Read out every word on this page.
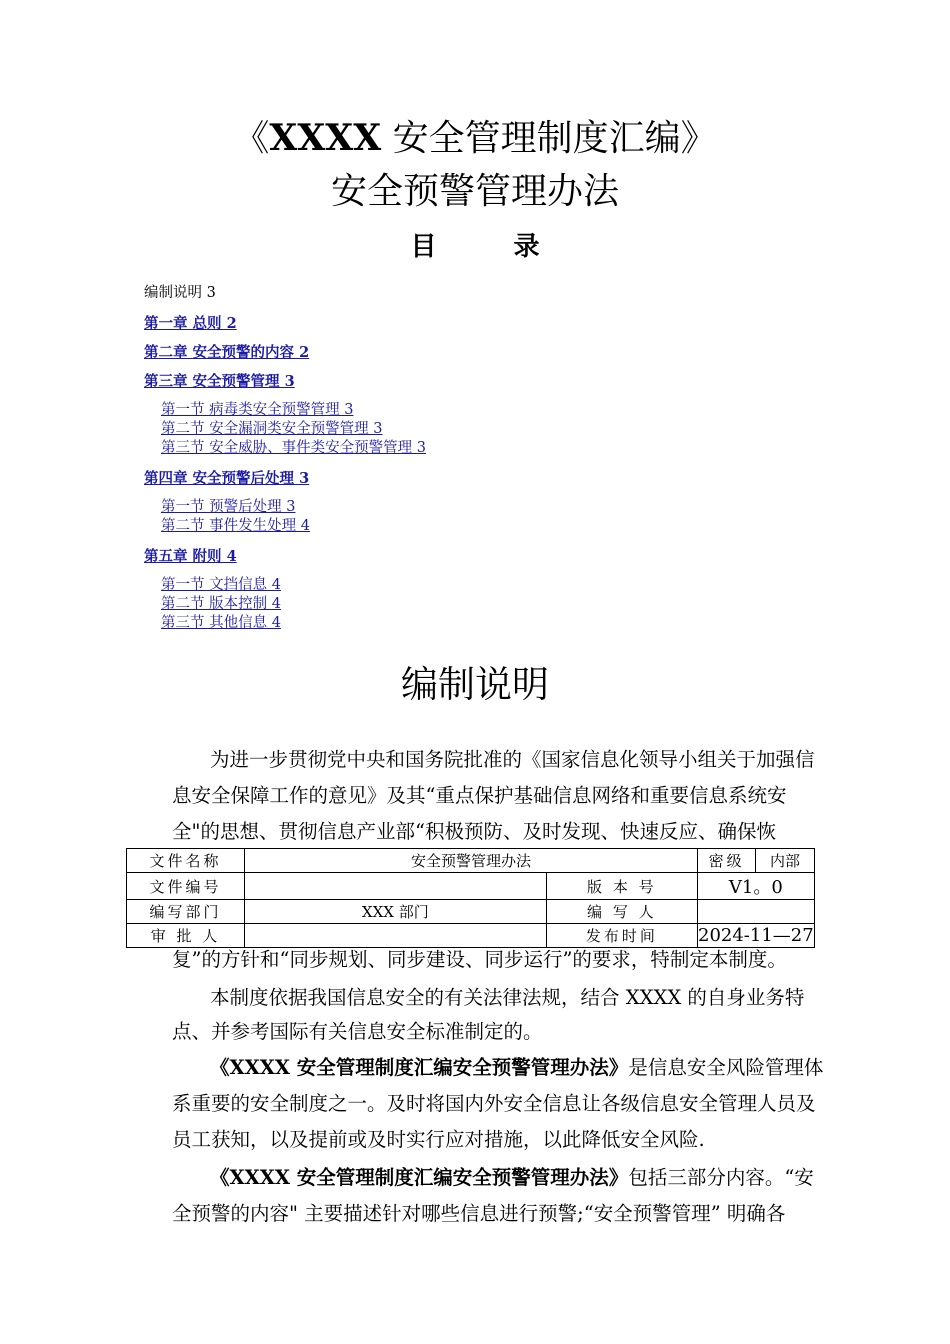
《XXXX 安全管理制度汇编》
安全预警管理办法
目 录
编制说明 3
第一章 总则 2
第二章 安全预警的内容 2
第三章 安全预警管理 3
第一节 病毒类安全预警管理 3
第二节 安全漏洞类安全预警管理 3
第三节 安全威胁、事件类安全预警管理 3
第四章 安全预警后处理 3
第一节 预警后处理 3
第二节 事件发生处理 4
第五章 附则 4
第一节 文挡信息 4
第二节 版本控制 4
第三节 其他信息 4
编制说明
为进一步贯彻党中央和国务院批准的《国家信息化领导小组关于加强信
息安全保障工作的意见》及其“重点保护基础信息网络和重要信息系统安
全"的思想、贯彻信息产业部“积极预防、及时发现、快速反应、确保恢
文件名称	安全预警管理办法		密级	内部
文件编号		版 本 号	V1。0	
编写部门	XXX 部门	编 写 人		
审 批 人		发布时间	2024-11—27	
复”的方针和“同步规划、同步建设、同步运行”的要求，特制定本制度。
本制度依据我国信息安全的有关法律法规，结合 XXXX 的自身业务特
点、并参考国际有关信息安全标准制定的。
《XXXX 安全管理制度汇编安全预警管理办法》是信息安全风险管理体
系重要的安全制度之一。及时将国内外安全信息让各级信息安全管理人员及
员工获知，以及提前或及时实行应对措施，以此降低安全风险.
《XXXX 安全管理制度汇编安全预警管理办法》包括三部分内容。“安
全预警的内容" 主要描述针对哪些信息进行预警;“安全预警管理” 明确各
